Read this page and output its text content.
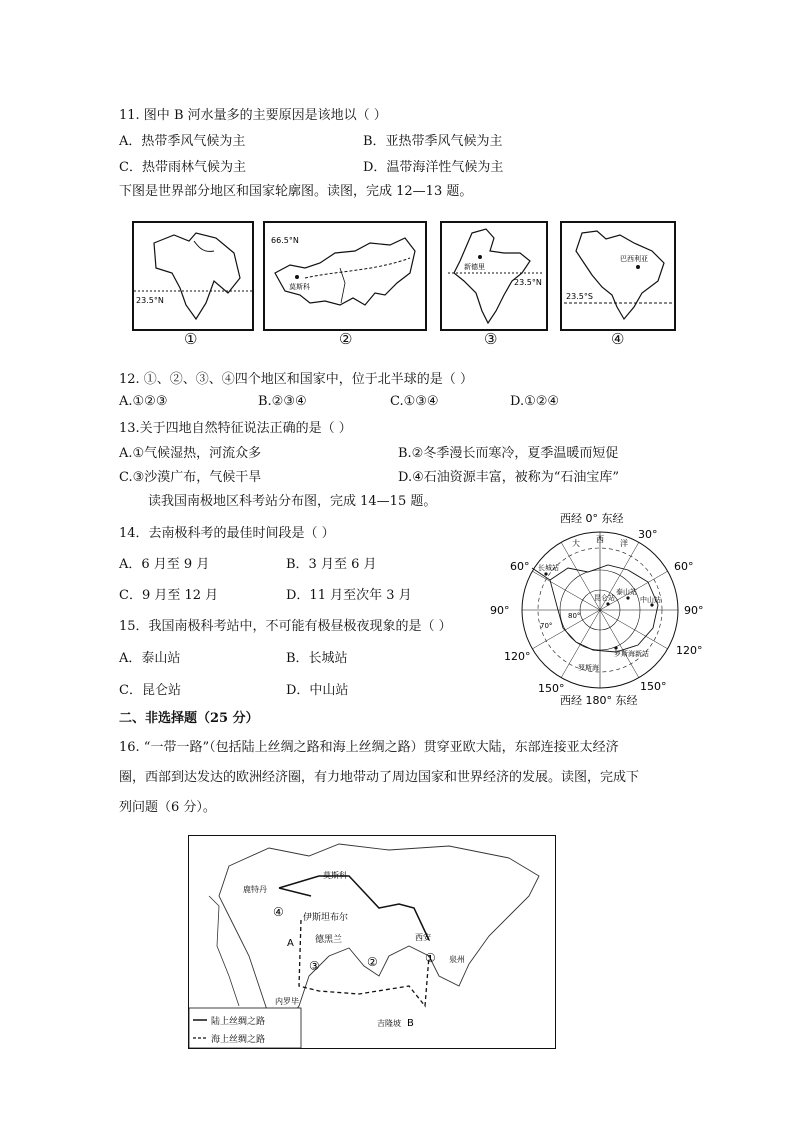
11. 图中 B 河水量多的主要原因是该地以（ ）
A．热带季风气候为主	B．亚热带季风气候为主
C．热带雨林气候为主	D．温带海洋性气候为主
下图是世界部分地区和国家轮廓图。读图，完成 12—13 题。
23.5°N
①
莫斯科
66.5°N
②
新德里
23.5°N
③
巴西利亚
23.5°S
④
12. ①、②、③、④四个地区和国家中，位于北半球的是（ ）
A.①②③	B.②③④	C.①③④	D.①②④
13.关于四地自然特征说法正确的是（ ）
A.①气候湿热，河流众多	B.②冬季漫长而寒冷，夏季温暖而短促
C.③沙漠广布，气候干旱	D.④石油资源丰富，被称为“石油宝库”
读我国南极地区科考站分布图，完成 14—15 题。
14．去南极科考的最佳时间段是（ ）
A．6 月至 9 月	B．3 月至 6 月
C．9 月至 12 月	D．11 月至次年 3 月
15．我国南极科考站中，不可能有极昼极夜现象的是（ ）
A．泰山站	B．长城站
C．昆仑站	D．中山站
西经 0° 东经
西经 180° 东经
30°
60°	60°
90°	90°
120°	120°
150°	150°
大 西 洋
长城站
昆仑站
泰山站
中山站
80°
70°
罗斯海新站
罗斯海
二、非选择题（25 分）
16. “一带一路”（包括陆上丝绸之路和海上丝绸之路）贯穿亚欧大陆，东部连接亚太经济
圈，西部到达发达的欧洲经济圈，有力地带动了周边国家和世界经济的发展。读图，完成下
列问题（6 分）。
莫斯科
鹿特丹
伊斯坦布尔
德黑兰	西安
泉州
内罗毕
吉隆坡
A
B
①
②
③
④
陆上丝绸之路
海上丝绸之路
